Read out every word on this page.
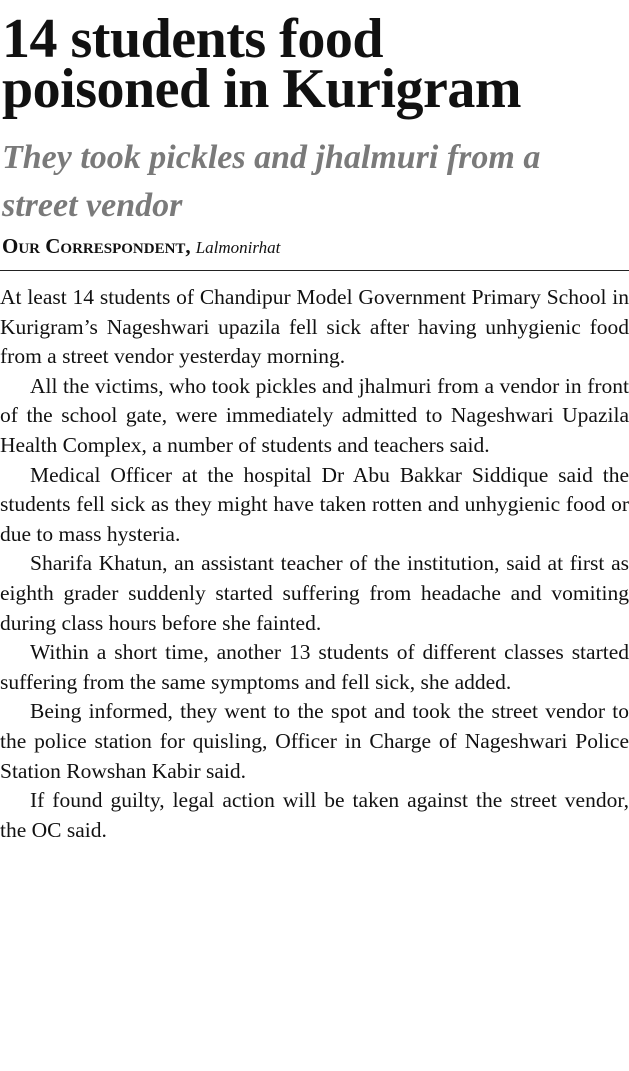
14 students food
poisoned in Kurigram
They took pickles and jhalmuri from a
street vendor
Our Correspondent, Lalmonirhat

At least 14 students of Chandipur Model Government Primary School in Kurigram’s Nageshwari upazila fell sick after having unhygienic food from a street vendor yesterday morning.

All the victims, who took pickles and jhalmuri from a vendor in front of the school gate, were immediately admitted to Nageshwari Upazila Health Complex, a number of students and teachers said.

Medical Officer at the hospital Dr Abu Bakkar Siddique said the students fell sick as they might have taken rotten and unhygienic food or due to mass hysteria.

Sharifa Khatun, an assistant teacher of the institution, said at first as eighth grader suddenly started suffering from headache and vomiting during class hours before she fainted.

Within a short time, another 13 students of different classes started suffering from the same symptoms and fell sick, she added.

Being informed, they went to the spot and took the street vendor to the police station for quisling, Officer in Charge of Nageshwari Police Station Rowshan Kabir said.

If found guilty, legal action will be taken against the street vendor, the OC said.
